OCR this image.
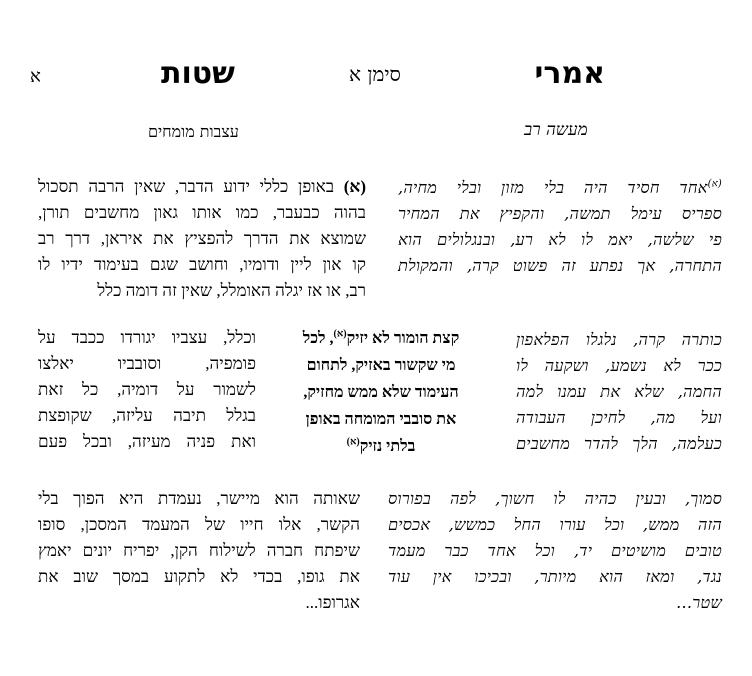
אמרי
סימן א
שטות
א
מעשה רב
עצבות מומחים
$^{(א)}$אחד חסיד היה בלי מזון ובלי מחיה,
ספריס עימל תמשה, והקפיץ את המחיר
פי שלשה, יאמ לו לא רע, ובנגלולים הוא
התחרה, אך נפתע זה פשוט קרה, והמקולת
(א) באופן כללי ידוע הדבר, שאין הרבה תסכול
בהוה כבעבר, כמו אותו גאון מחשבים תורן,
שמוצא את הדרך להפציץ את איראן, דרך רב
קו און ליין ודומיו, וחושב שגם בעימוד ידיו לו
רב, או אז יגלה האומלל, שאין זה דומה כלל
כותרה קרה, נלגלו הפלאפון
ככר לא נשמע, ושקעה לו
החמה, שלא את עמנו למה
ועל מה, לחיכן העבודה
כעלמה, הלך להדר מחשבים
קצת הומור לא יזיק$^{(א)}$, לכל
מי שקשור באזיק, לתחום
העימוד שלא ממש מחזיק,
את סובבי המומחה באופן
בלתי נזיק$^{(א)}$
וכלל, עצביו יגורדו ככבד על
פומפיה, וסובביו יאלצו
לשמור על דומיה, כל זאת
בגלל תיבה עליזה, שקופצת
ואת פניה מעיזה, ובכל פעם
סמוך, ובעין כהיה לו חשוך, לפה בפורוס
הזה ממש, וכל עורו החל כמשש, אכסים
טובים מושיטים יד, וכל אחד כבר מעמד
נגד, ומאז הוא מיותר, ובכיכו אין עוד
שטר...
שאותה הוא מיישר, נעמדת היא הפוך בלי
הקשר, אלו חייו של המעמד המסכן, סופו
שיפתח חברה לשילוח הקן, יפריח יונים יאמץ
את גופו, בכדי לא לתקוע במסך שוב את
אגרופו...
